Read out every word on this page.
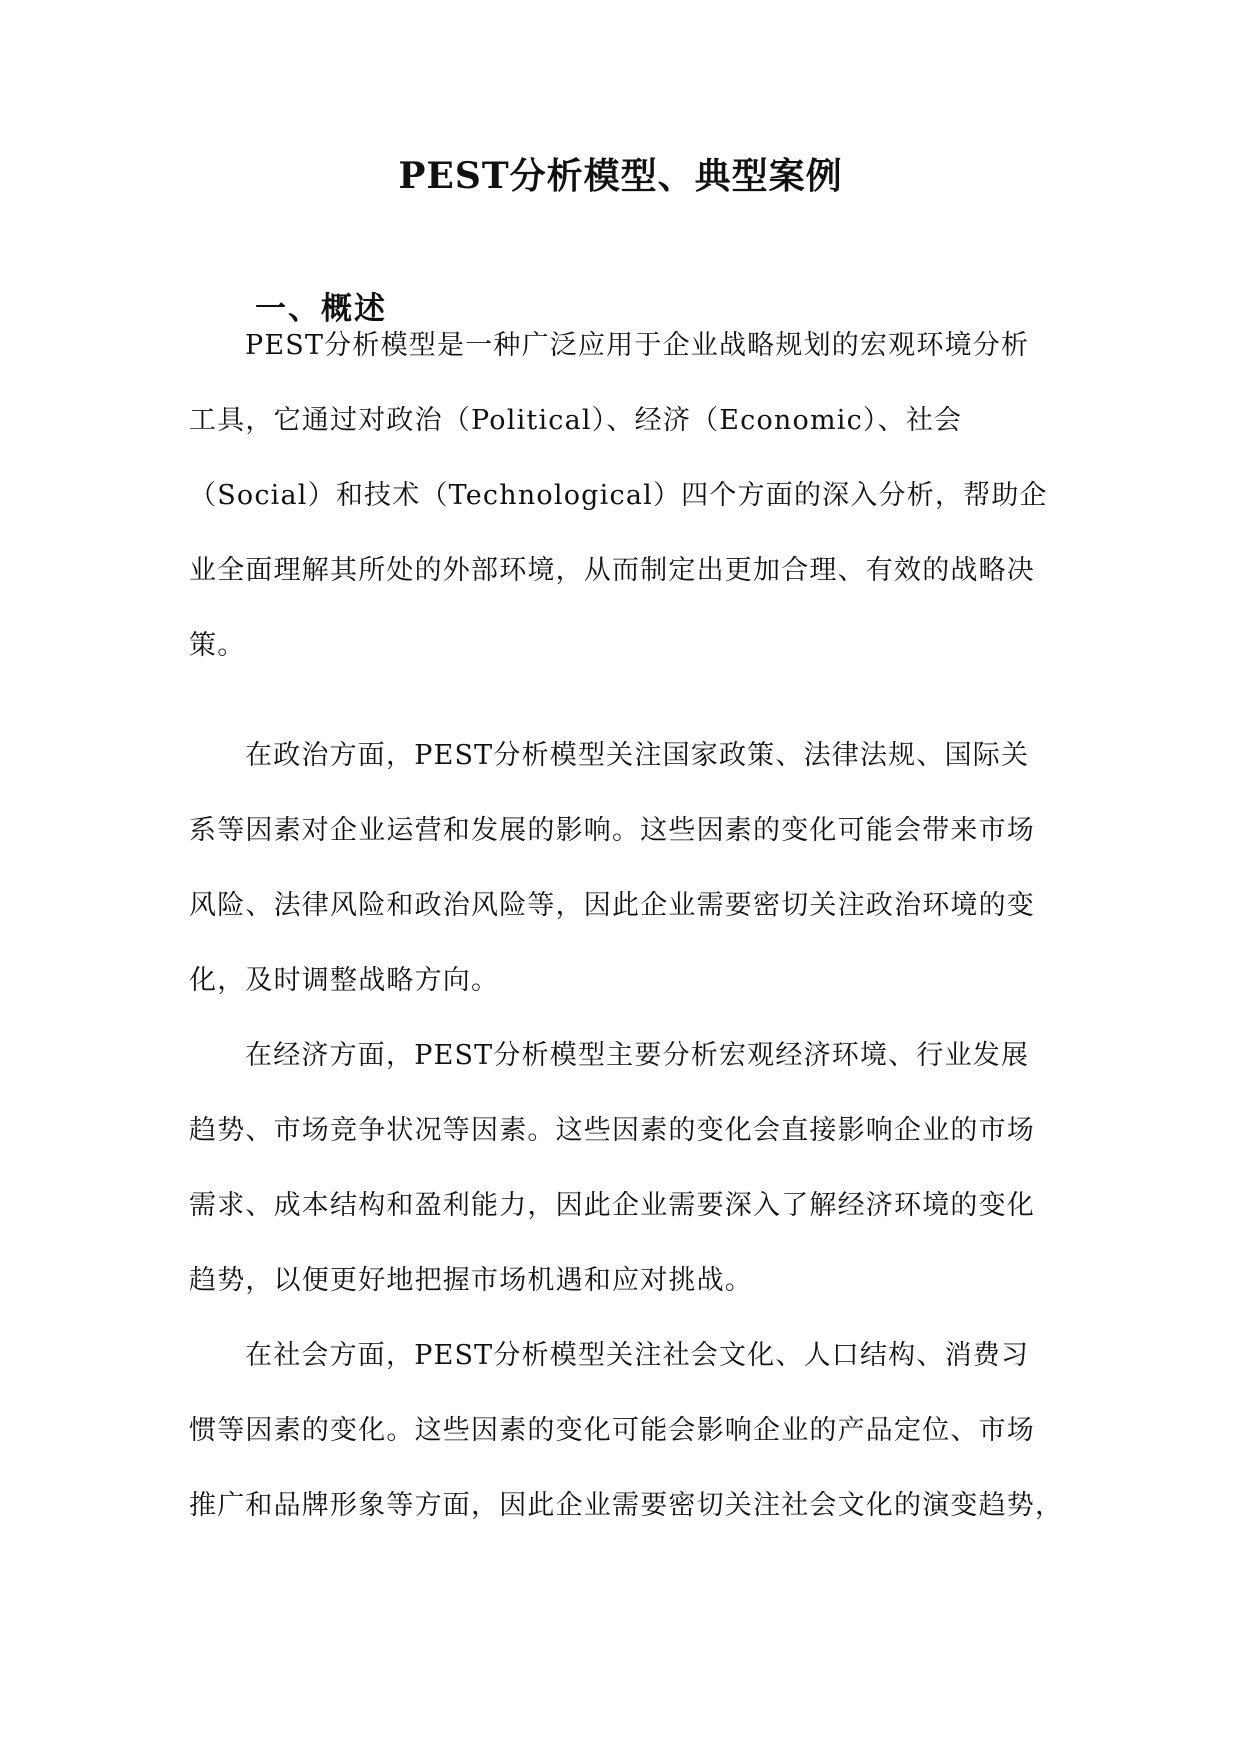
PEST分析模型、典型案例
一、概述

PEST分析模型是一种广泛应用于企业战略规划的宏观环境分析
工具，它通过对政治（Political）、经济（Economic）、社会
（Social）和技术（Technological）四个方面的深入分析，帮助企
业全面理解其所处的外部环境，从而制定出更加合理、有效的战略决
策。

在政治方面，PEST分析模型关注国家政策、法律法规、国际关
系等因素对企业运营和发展的影响。这些因素的变化可能会带来市场
风险、法律风险和政治风险等，因此企业需要密切关注政治环境的变
化，及时调整战略方向。

在经济方面，PEST分析模型主要分析宏观经济环境、行业发展
趋势、市场竞争状况等因素。这些因素的变化会直接影响企业的市场
需求、成本结构和盈利能力，因此企业需要深入了解经济环境的变化
趋势，以便更好地把握市场机遇和应对挑战。

在社会方面，PEST分析模型关注社会文化、人口结构、消费习
惯等因素的变化。这些因素的变化可能会影响企业的产品定位、市场
推广和品牌形象等方面，因此企业需要密切关注社会文化的演变趋势，
